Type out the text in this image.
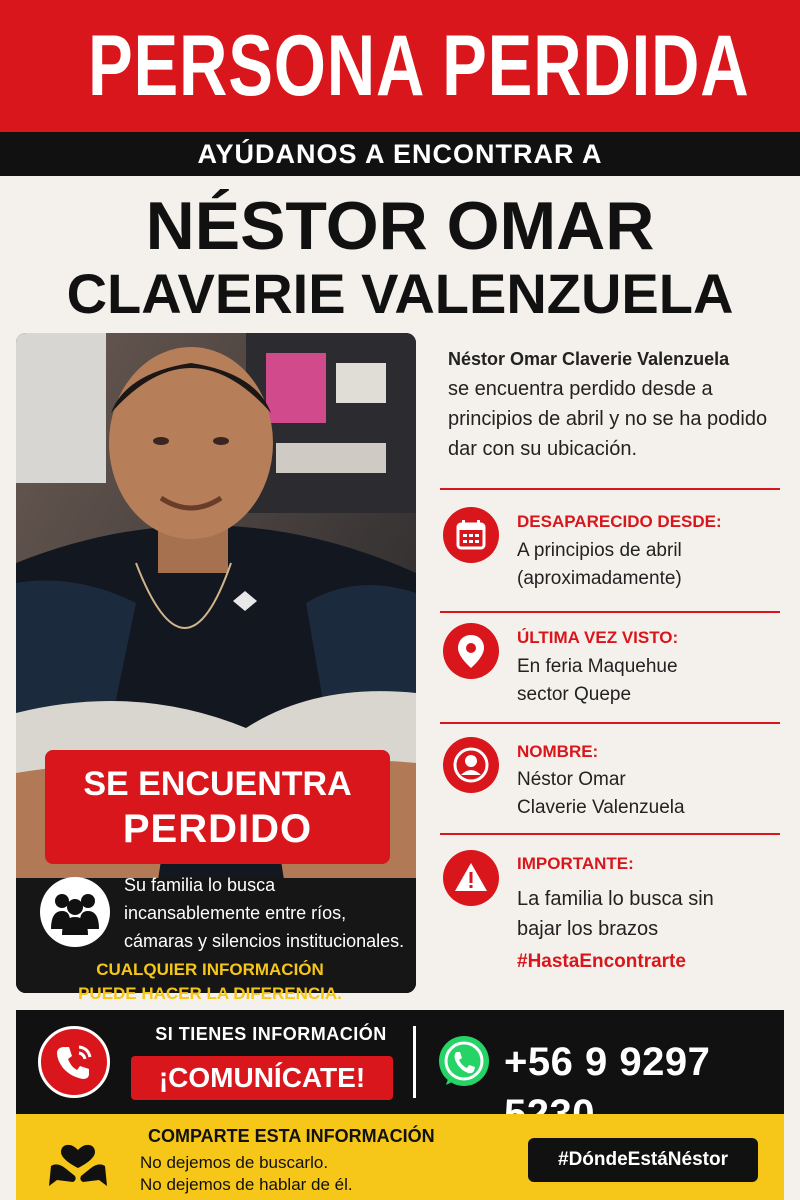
PERSONA PERDIDA
AYÚDANOS A ENCONTRAR A
NÉSTOR OMAR
CLAVERIE VALENZUELA
SE ENCUENTRA
PERDIDO
Su familia lo busca incansablemente entre ríos, cámaras y silencios institucionales.
CUALQUIER INFORMACIÓN
PUEDE HACER LA DIFERENCIA.
Néstor Omar Claverie Valenzuela
se encuentra perdido desde a principios de abril y no se ha podido dar con su ubicación.
DESAPARECIDO DESDE:
A principios de abril (aproximadamente)
ÚLTIMA VEZ VISTO:
En feria Maquehue sector Quepe
NOMBRE:
Néstor Omar Claverie Valenzuela
IMPORTANTE:
La familia lo busca sin bajar los brazos
#HastaEncontrarte
SI TIENES INFORMACIÓN
¡COMUNÍCATE!	+56 9 9297
COMPARTE ESTA INFORMACIÓN
No dejemos de buscarlo.
No dejemos de hablar de él.
#DóndeEstáNéstor
